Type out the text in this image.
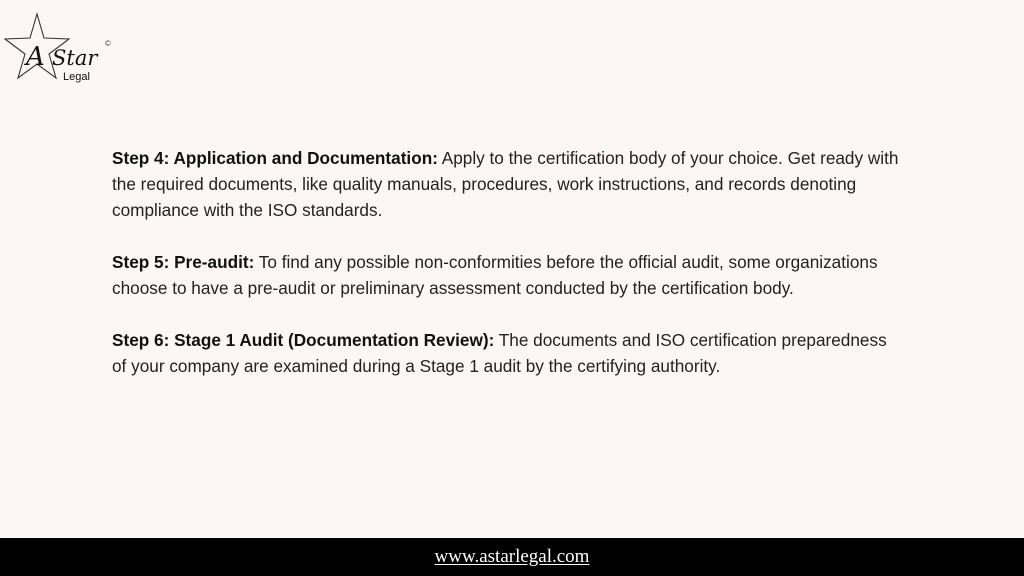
A Star
Legal
©

Step 4: Application and Documentation: Apply to the certification body of your choice. Get ready with the required documents, like quality manuals, procedures, work instructions, and records denoting compliance with the ISO standards.

Step 5: Pre-audit: To find any possible non-conformities before the official audit, some organizations choose to have a pre-audit or preliminary assessment conducted by the certification body.

Step 6: Stage 1 Audit (Documentation Review): The documents and ISO certification preparedness of your company are examined during a Stage 1 audit by the certifying authority.

www.astarlegal.com
